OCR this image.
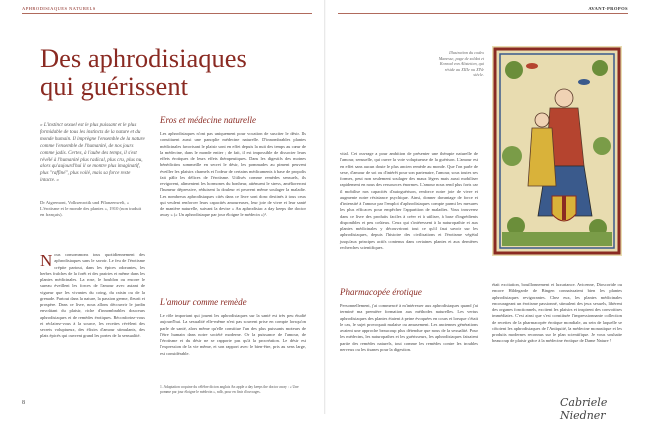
APHRODISIAQUES NATURELS	AVANT-PROPOS
Des aphrodisiaques
qui guérissent

« L'instinct sexuel est le plus puissant et le plus formidable de tous les instincts de la nature et du monde humain. Il imprègne l'ensemble de la nature comme l'ensemble de l'humanité, de nos jours comme jadis. Certes, à l'aube des temps, il s'est révélé à l'humanité plus radical, plus cru, plus nu, alors qu'aujourd'hui il se montre plus imaginatif, plus "raffiné", plus voilé, mais sa force reste intacte. »

Dr Aigremont, Volksenrotik und Pflanzenwelt, « L'érotisme et le monde des plantes », 1910 (non traduit en français).

Nous consommons tous quotidiennement des aphrodisiaques sans le savoir. Le feu de l'érotisme crépite partout, dans les épices odorantes, les herbes fraîches de la forêt et des prairies et même dans les plantes médicinales. La rose, le houblon ou encore le sureau éveillent les forces de l'amour avec autant de vigueur que les vivantes du coing, du raisin ou de la grenade. Partout dans la nature, la passion germe, fleurit et prospère. Dans ce livre, nous allons découvrir le jardin envoûtant du plaisir, riche d'innombrables douceurs aphrodisiaques et de remèdes érotiques. Réconfortez-vous et réclairez-vous à la source, les recettes révèlent des secrets voluptueux, des élixirs d'amour stimulants, des plats épicés qui ouvrent grand les portes de la sensualité.
Eros et médecine naturelle
Les aphrodisiaques n'ont pas uniquement pour vocation de susciter le désir. Ils constituent aussi une panoplie médecine naturelle. D'innombrables plantes médicinales favorisant le plaisir sont en effet depuis la nuit des temps au cœur de la médecine, dans le monde entier ; de fait, il est impossible de dissocier leurs effets érotiques de leurs effets thérapeutiques. Dans les digestifs des moines bénédictins sommeille en secret le désir, les pommades au piment peuvent éveiller les plaisirs charnels et l'odeur de certains médicaments à base de propolis fait pâlir les délices de l'érotisme. Utilisés comme remèdes sensuels, ils revigorent, alimentent les hormones du bonheur, atténuent le stress, amélioreront l'humeur dépressive, réduisent la douleur et peuvent même soulager la maladie. Les nombreux aphrodisiaques cités dans ce livre sont donc destinés à tous ceux qui veulent renforcer leurs capacités amoureuses, leur joie de vivre et leur santé de manière naturelle, suivant la devise « An aphrodisiac a day keeps the doctor away » (« Un aphrodisiaque par jour éloigne le médecin »)¹.
L'amour comme remède
Le rôle important qui jouent les aphrodisiaques sur la santé est très peu étudié aujourd'hui. La sexualité elle-même n'est pas souvent prise en compte lorsqu'on parle de santé, alors même qu'elle constitue l'un des plus puissants moteurs de l'être humain dans notre société moderne. Or la puissance de l'amour, de l'érotisme et du désir ne se rapporte pas qu'à la procréation. Le désir est l'expression de la vie même, et son rapport avec le bien-être, pris au sens large, est considérable.

1. Adaptation coquine du célèbre dicton anglais An apple a day keeps the doctor away : « Une pomme par jour éloigne le médecin », ndlr, pour en finir d'ouvrages.

Illustration du codex Manesse, page de soldat et Konrad von Altstetten, qui réside au XIIIe ou XIVe siècle.

vital. Cet ouvrage a pour ambition de présenter une thérapie naturelle de l'amour, sensuelle, qui ouvre la voie voluptueuse de la guérison. L'amour est en effet sans aucun doute le plus ancien remède au monde. Que l'on parle de sexe, d'amour de soi ou d'intérêt pour son partenaire, l'amour, sous toutes ses formes, peut non seulement soulager des maux légers mais aussi mobiliser rapidement en nous des ressources énormes. L'amour nous rend plus forts car il mobilise nos capacités d'autoguérison, renforce notre joie de vivre et augmente notre résistance psychique. Ainsi, donner davantage de force et d'intensité à l'amour par l'emploi d'aphrodisiaques compte parmi les mesures les plus efficaces pour empêcher l'apparition de maladies. Vous trouverez dans ce livre des produits faciles à créer et à utiliser, à base d'ingrédients disponibles et peu coûteux. Ceux qui s'intéressent à la naturopathie et aux plantes médicinales y découvriront tout ce qu'il faut savoir sur les aphrodisiaques, depuis l'histoire des civilisations et l'érotisme végétal jusqu'aux principes actifs contenus dans certaines plantes et aux dernières recherches scientifiques.
Pharmacopée érotique
Personnellement, j'ai commencé à m'intéresser aux aphrodisiaques quand j'ai terminé ma première formation aux méthodes naturelles. Les vertus aphrodisiaques des plantes étaient à peine évoquées en cours et lorsque c'était le cas, le sujet provoquait malaise ou amusement. Les anciennes générations avaient une approche beaucoup plus détendue que nous de la sexualité. Pour les médecins, les naturopathes et les guérisseurs, les aphrodisiaques faisaient partie des remèdes naturels, tout comme les remèdes contre les troubles nerveux ou les tisanes pour la digestion.
était excitation, bouillonnement et luxuriance. Avicenne, Dioscoride ou encore Hildegarde de Bingen connaissaient bien les plantes aphrodisiaques revigorantes. Chez eux, les plantes médicinales encourageant un érotisme passionné, stimulent des jeux sexuels, libèrent des organes fonctionnels, excitent les plaisirs et inspirent des convoitises immédiates. C'est ainsi que s'est constituée l'impressionnante collection de recettes de la pharmacopée érotique mondiale, au sein de laquelle se côtoient les aphrodisiaques de l'Antiquité, la médecine monastique et les produits modernes reconnus sur le plan scientifique. Je vous souhaite beaucoup de plaisir grâce à la médecine érotique de Dame Nature !
Cabriele Niedner
8
